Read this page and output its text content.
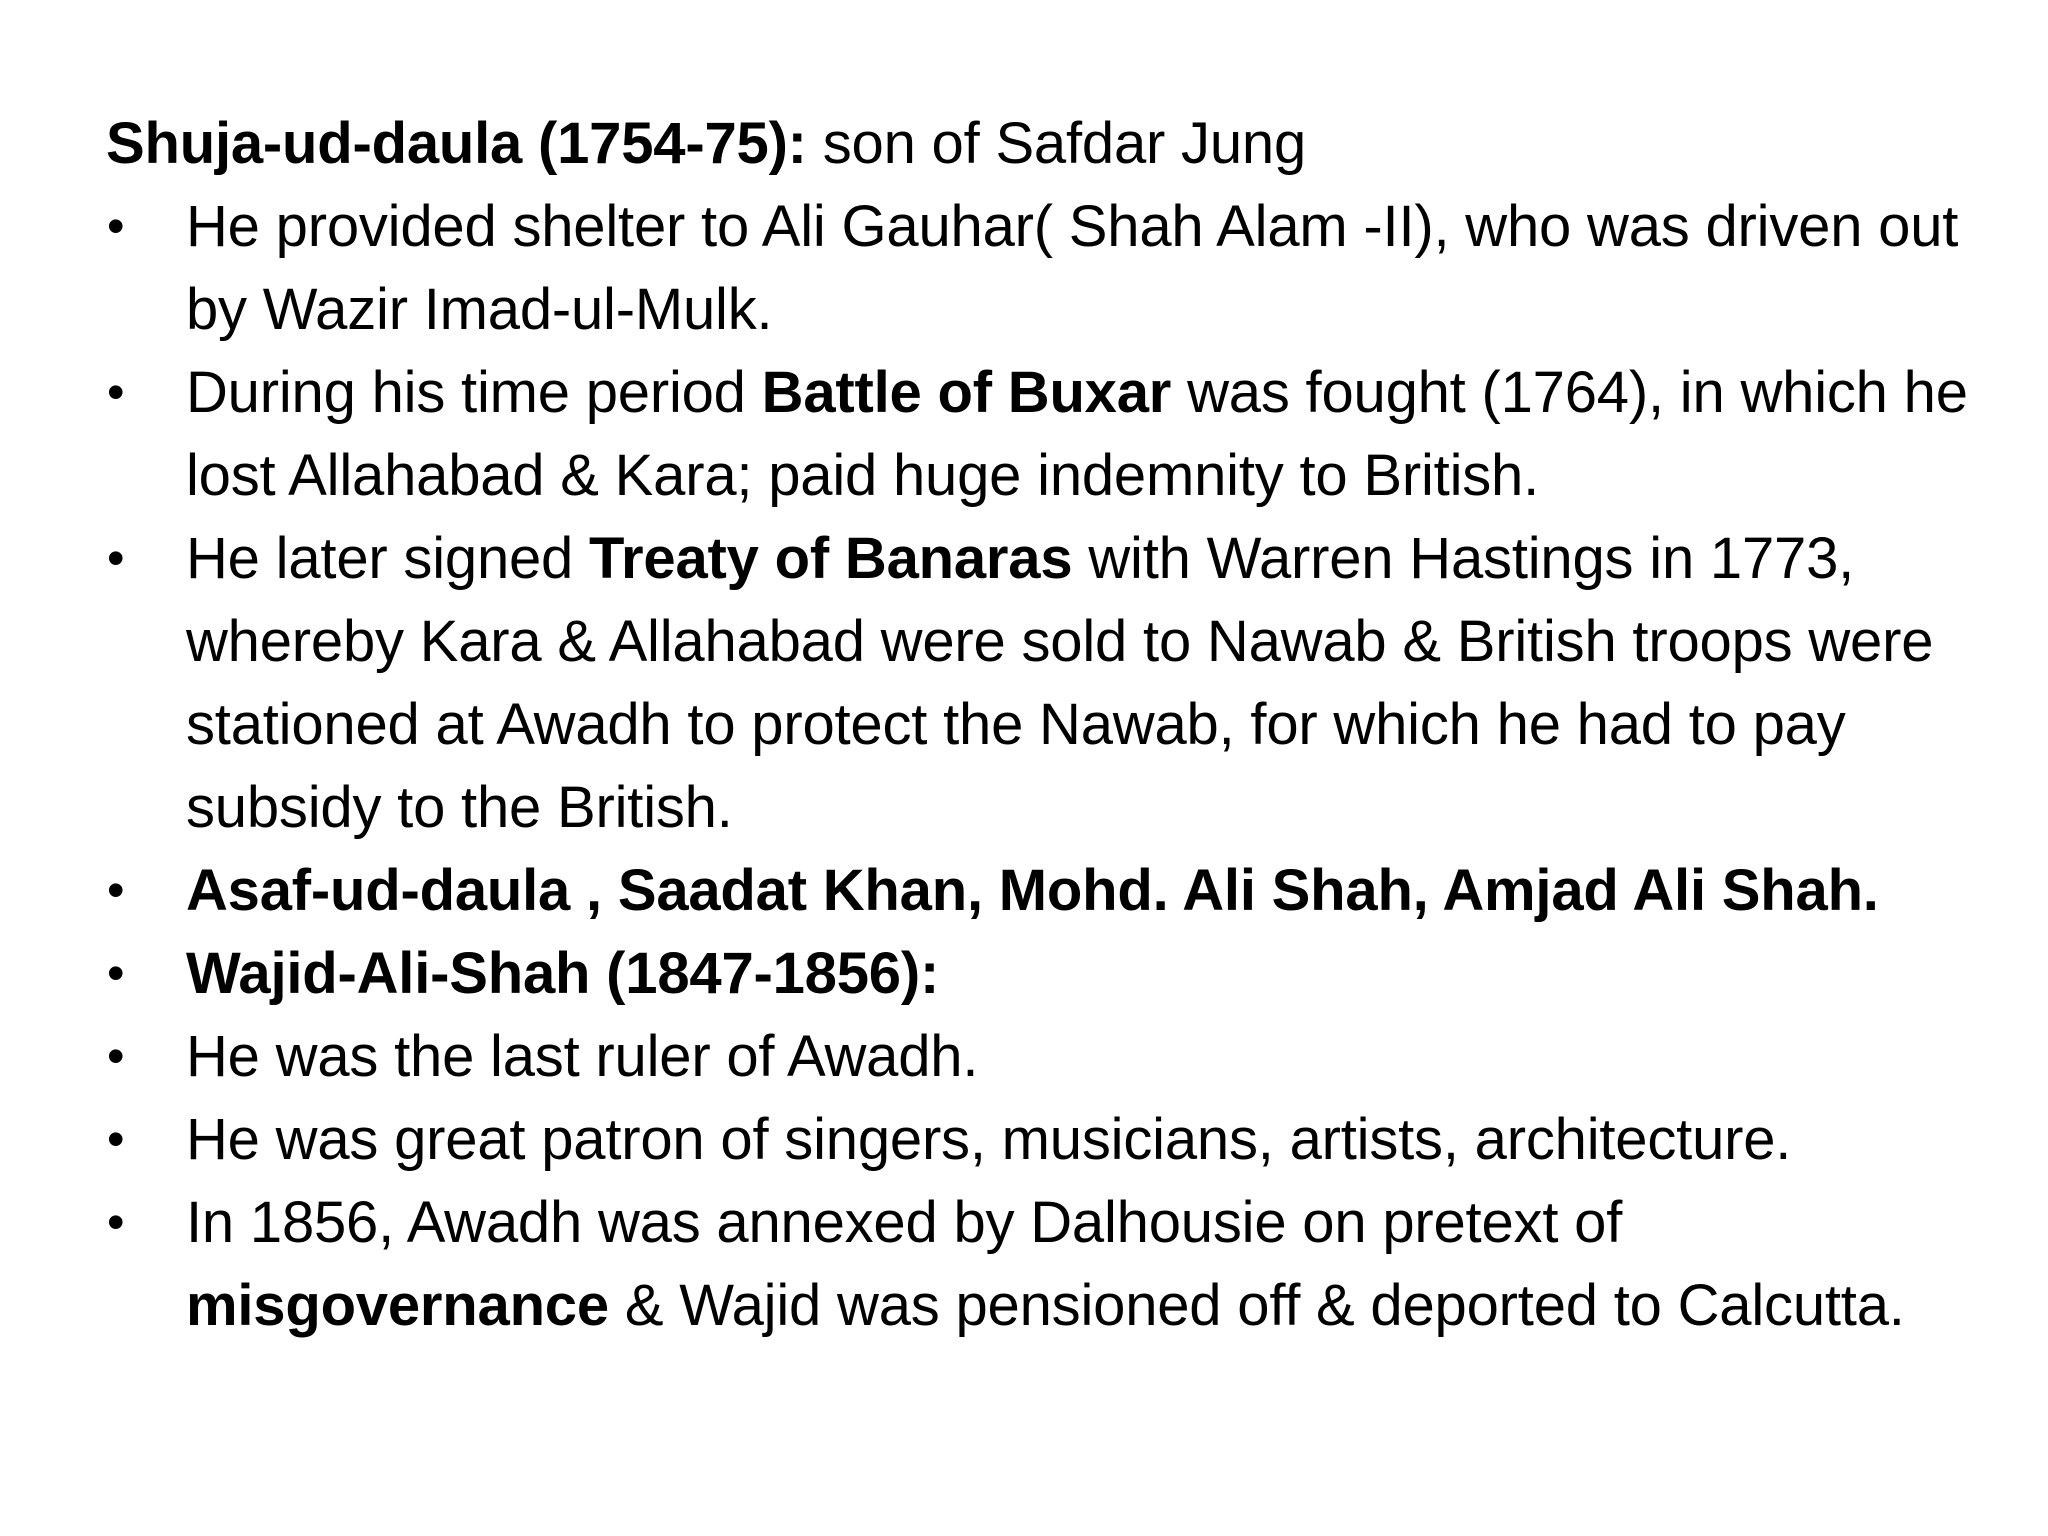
Shuja-ud-daula (1754-75): son of Safdar Jung

•	He provided shelter to Ali Gauhar( Shah Alam -II), who was driven out by Wazir Imad-ul-Mulk.
•	During his time period Battle of Buxar was fought (1764), in which he lost Allahabad & Kara; paid huge indemnity to British.
•	He later signed Treaty of Banaras with Warren Hastings in 1773, whereby Kara & Allahabad were sold to Nawab & British troops were stationed at Awadh to protect the Nawab, for which he had to pay subsidy to the British.
•	Asaf-ud-daula , Saadat Khan, Mohd. Ali Shah, Amjad Ali Shah.
•	Wajid-Ali-Shah (1847-1856):
•	He was the last ruler of Awadh.
•	He was great patron of singers, musicians, artists, architecture.
•	In 1856, Awadh was annexed by Dalhousie on pretext of misgovernance & Wajid was pensioned off & deported to Calcutta.
